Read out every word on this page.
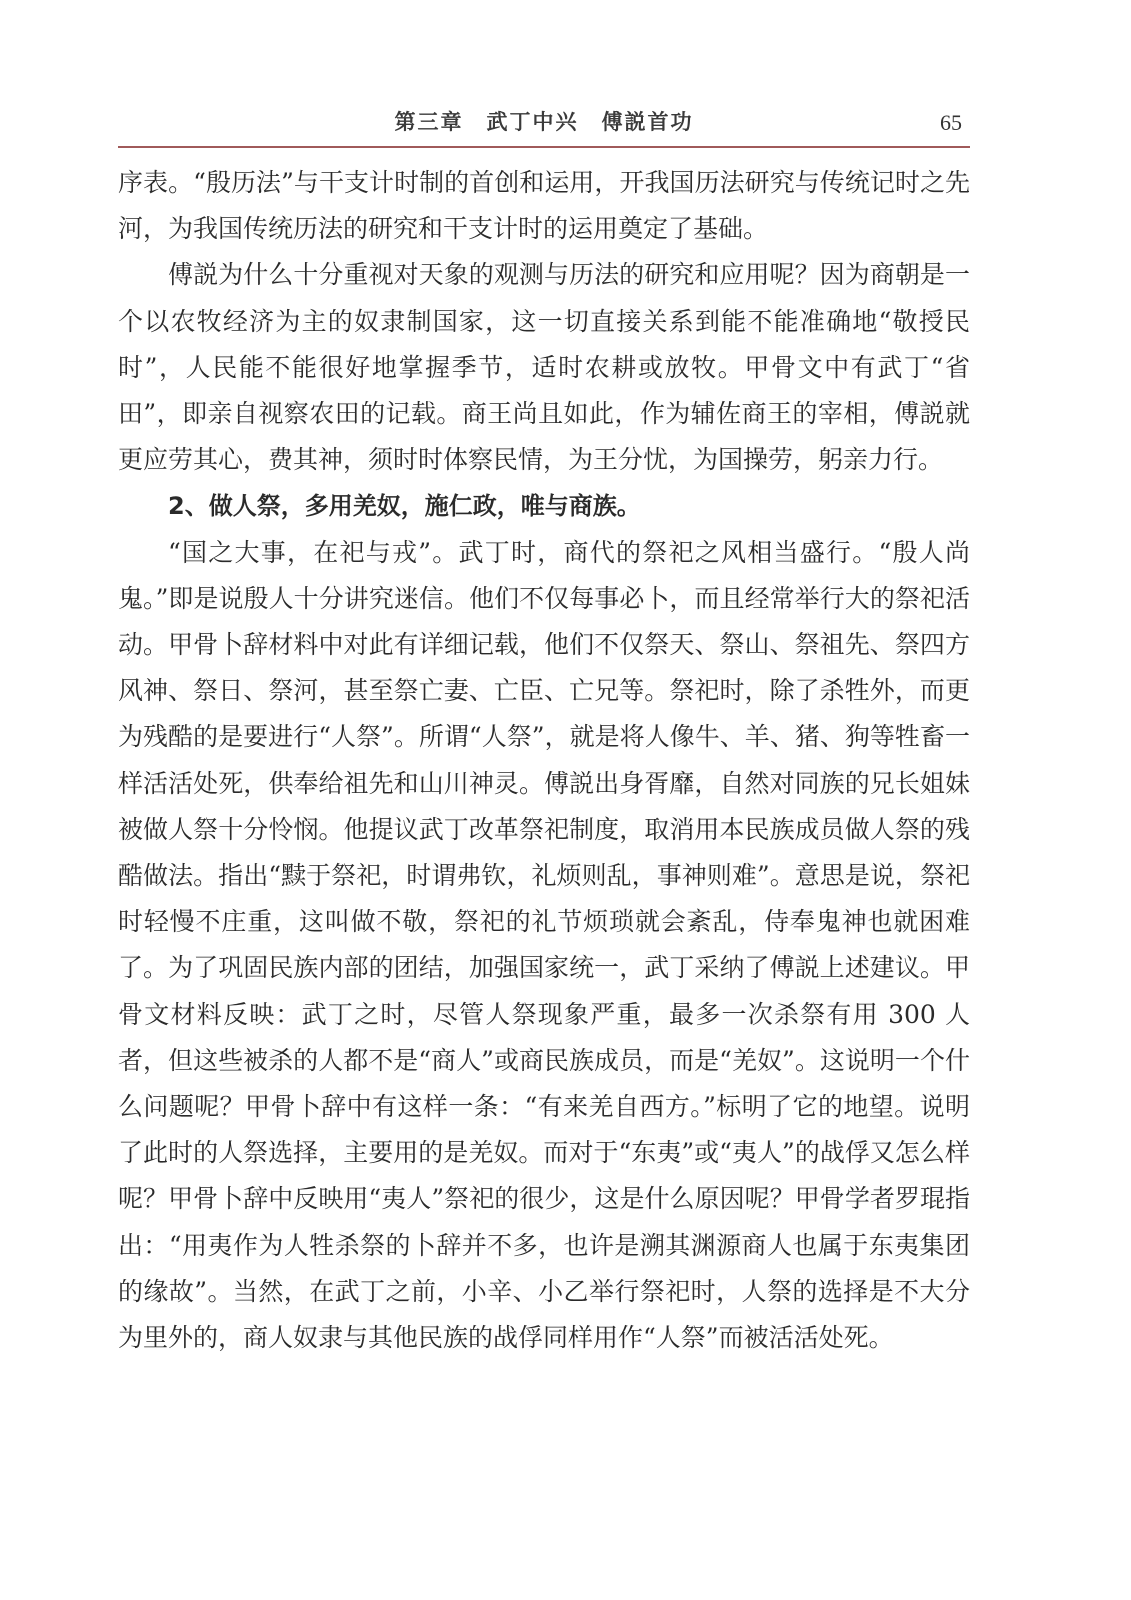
第三章　武丁中兴　傅説首功	65

序表。“殷历法”与干支计时制的首创和运用，开我国历法研究与传统记时之先河，为我国传统历法的研究和干支计时的运用奠定了基础。

傅説为什么十分重视对天象的观测与历法的研究和应用呢？因为商朝是一个以农牧经济为主的奴隶制国家，这一切直接关系到能不能准确地“敬授民时”，人民能不能很好地掌握季节，适时农耕或放牧。甲骨文中有武丁“省田”，即亲自视察农田的记载。商王尚且如此，作为辅佐商王的宰相，傅説就更应劳其心，费其神，须时时体察民情，为王分忧，为国操劳，躬亲力行。

2、做人祭，多用羌奴，施仁政，唯与商族。

“国之大事，在祀与戎”。武丁时，商代的祭祀之风相当盛行。“殷人尚鬼。”即是说殷人十分讲究迷信。他们不仅每事必卜，而且经常举行大的祭祀活动。甲骨卜辞材料中对此有详细记载，他们不仅祭天、祭山、祭祖先、祭四方风神、祭日、祭河，甚至祭亡妻、亡臣、亡兄等。祭祀时，除了杀牲外，而更为残酷的是要进行“人祭”。所谓“人祭”，就是将人像牛、羊、猪、狗等牲畜一样活活处死，供奉给祖先和山川神灵。傅説出身胥靡，自然对同族的兄长姐妹被做人祭十分怜悯。他提议武丁改革祭祀制度，取消用本民族成员做人祭的残酷做法。指出“黩于祭祀，时谓弗钦，礼烦则乱，事神则难”。意思是说，祭祀时轻慢不庄重，这叫做不敬，祭祀的礼节烦琐就会紊乱，侍奉鬼神也就困难了。为了巩固民族内部的团结，加强国家统一，武丁采纳了傅説上述建议。甲骨文材料反映：武丁之时，尽管人祭现象严重，最多一次杀祭有用 300 人者，但这些被杀的人都不是“商人”或商民族成员，而是“羌奴”。这说明一个什么问题呢？甲骨卜辞中有这样一条：“有来羌自西方。”标明了它的地望。说明了此时的人祭选择，主要用的是羌奴。而对于“东夷”或“夷人”的战俘又怎么样呢？甲骨卜辞中反映用“夷人”祭祀的很少，这是什么原因呢？甲骨学者罗琨指出：“用夷作为人牲杀祭的卜辞并不多，也许是溯其渊源商人也属于东夷集团的缘故”。当然，在武丁之前，小辛、小乙举行祭祀时，人祭的选择是不大分为里外的，商人奴隶与其他民族的战俘同样用作“人祭”而被活活处死。
